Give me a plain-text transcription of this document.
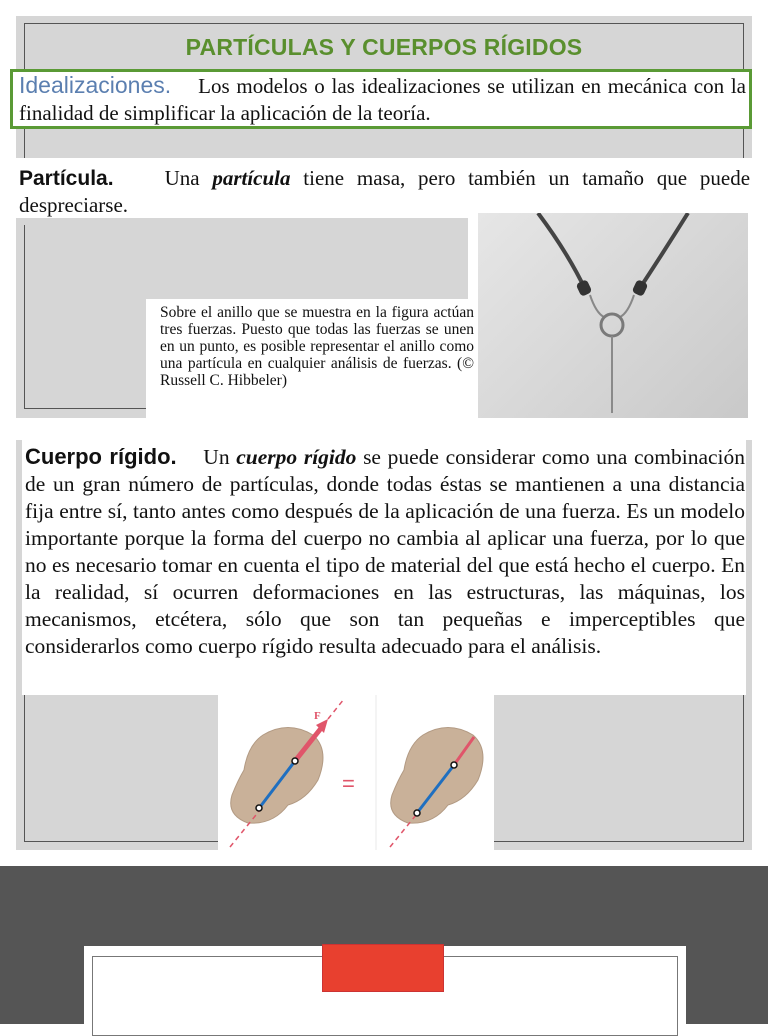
PARTÍCULAS Y CUERPOS RÍGIDOS
Idealizaciones. Los modelos o las idealizaciones se utilizan en mecánica con la finalidad de simplificar la aplicación de la teoría.
Partícula. Una partícula tiene masa, pero también un tamaño que puede despreciarse.
Sobre el anillo que se muestra en la figura actúan tres fuerzas. Puesto que todas las fuerzas se unen en un punto, es posible representar el anillo como una partícula en cualquier análisis de fuerzas. (© Russell C. Hibbeler)
Cuerpo rígido. Un cuerpo rígido se puede considerar como una combinación de un gran número de partículas, donde todas éstas se mantienen a una distancia fija entre sí, tanto antes como después de la aplicación de una fuerza. Es un modelo importante porque la forma del cuerpo no cambia al aplicar una fuerza, por lo que no es necesario tomar en cuenta el tipo de material del que está hecho el cuerpo. En la realidad, sí ocurren deformaciones en las estructuras, las máquinas, los mecanismos, etcétera, sólo que son tan pequeñas e imperceptibles que considerarlos como cuerpo rígido resulta adecuado para el análisis.
F
=
